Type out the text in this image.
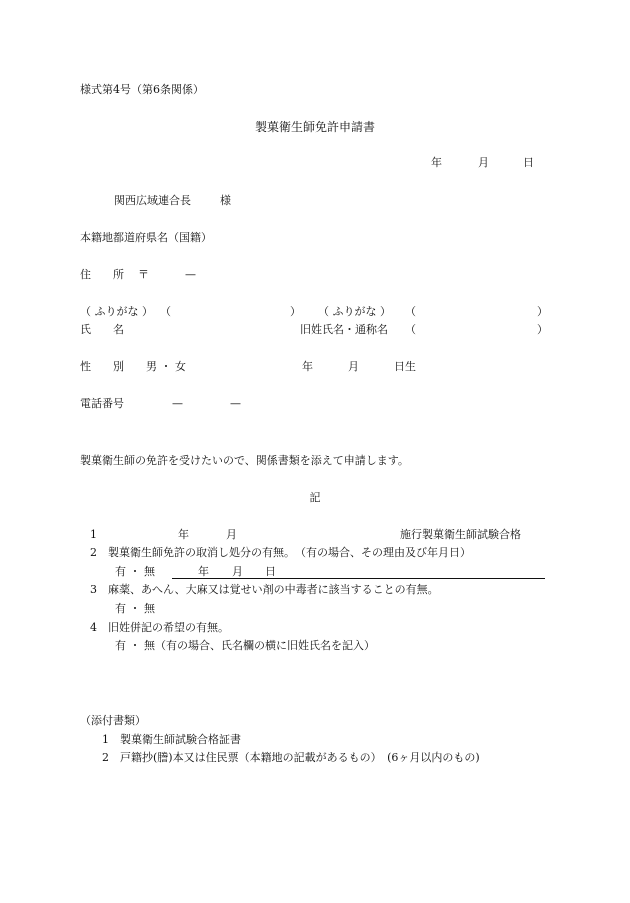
様式第4号（第6条関係）
製菓衛生師免許申請書
年	月	日
関西広域連合長	様
本籍地都道府県名（国籍）
住　　所 〒	—
（ ふりがな ） （	） （ ふりがな ） （	）
氏　　名	旧姓氏名・通称名 （	）
性　　別 男 ・ 女	年	月	日生
電話番号	—	—
製菓衛生師の免許を受けたいので、関係書類を添えて申請します。
記
1	年	月	施行製菓衛生師試験合格
2 製菓衛生師免許の取消し処分の有無。　（有の場合、その理由及び年月日）
有 ・ 無	年 月 日
3 麻薬、あへん、大麻又は覚せい剤の中毒者に該当することの有無。
有 ・ 無
4 旧姓併記の希望の有無。
有 ・ 無（有の場合、氏名欄の横に旧姓氏名を記入）
（添付書類）
1 製菓衛生師試験合格証書
2 戸籍抄(謄)本又は住民票（本籍地の記載があるもの）　(6ヶ月以内のもの)
